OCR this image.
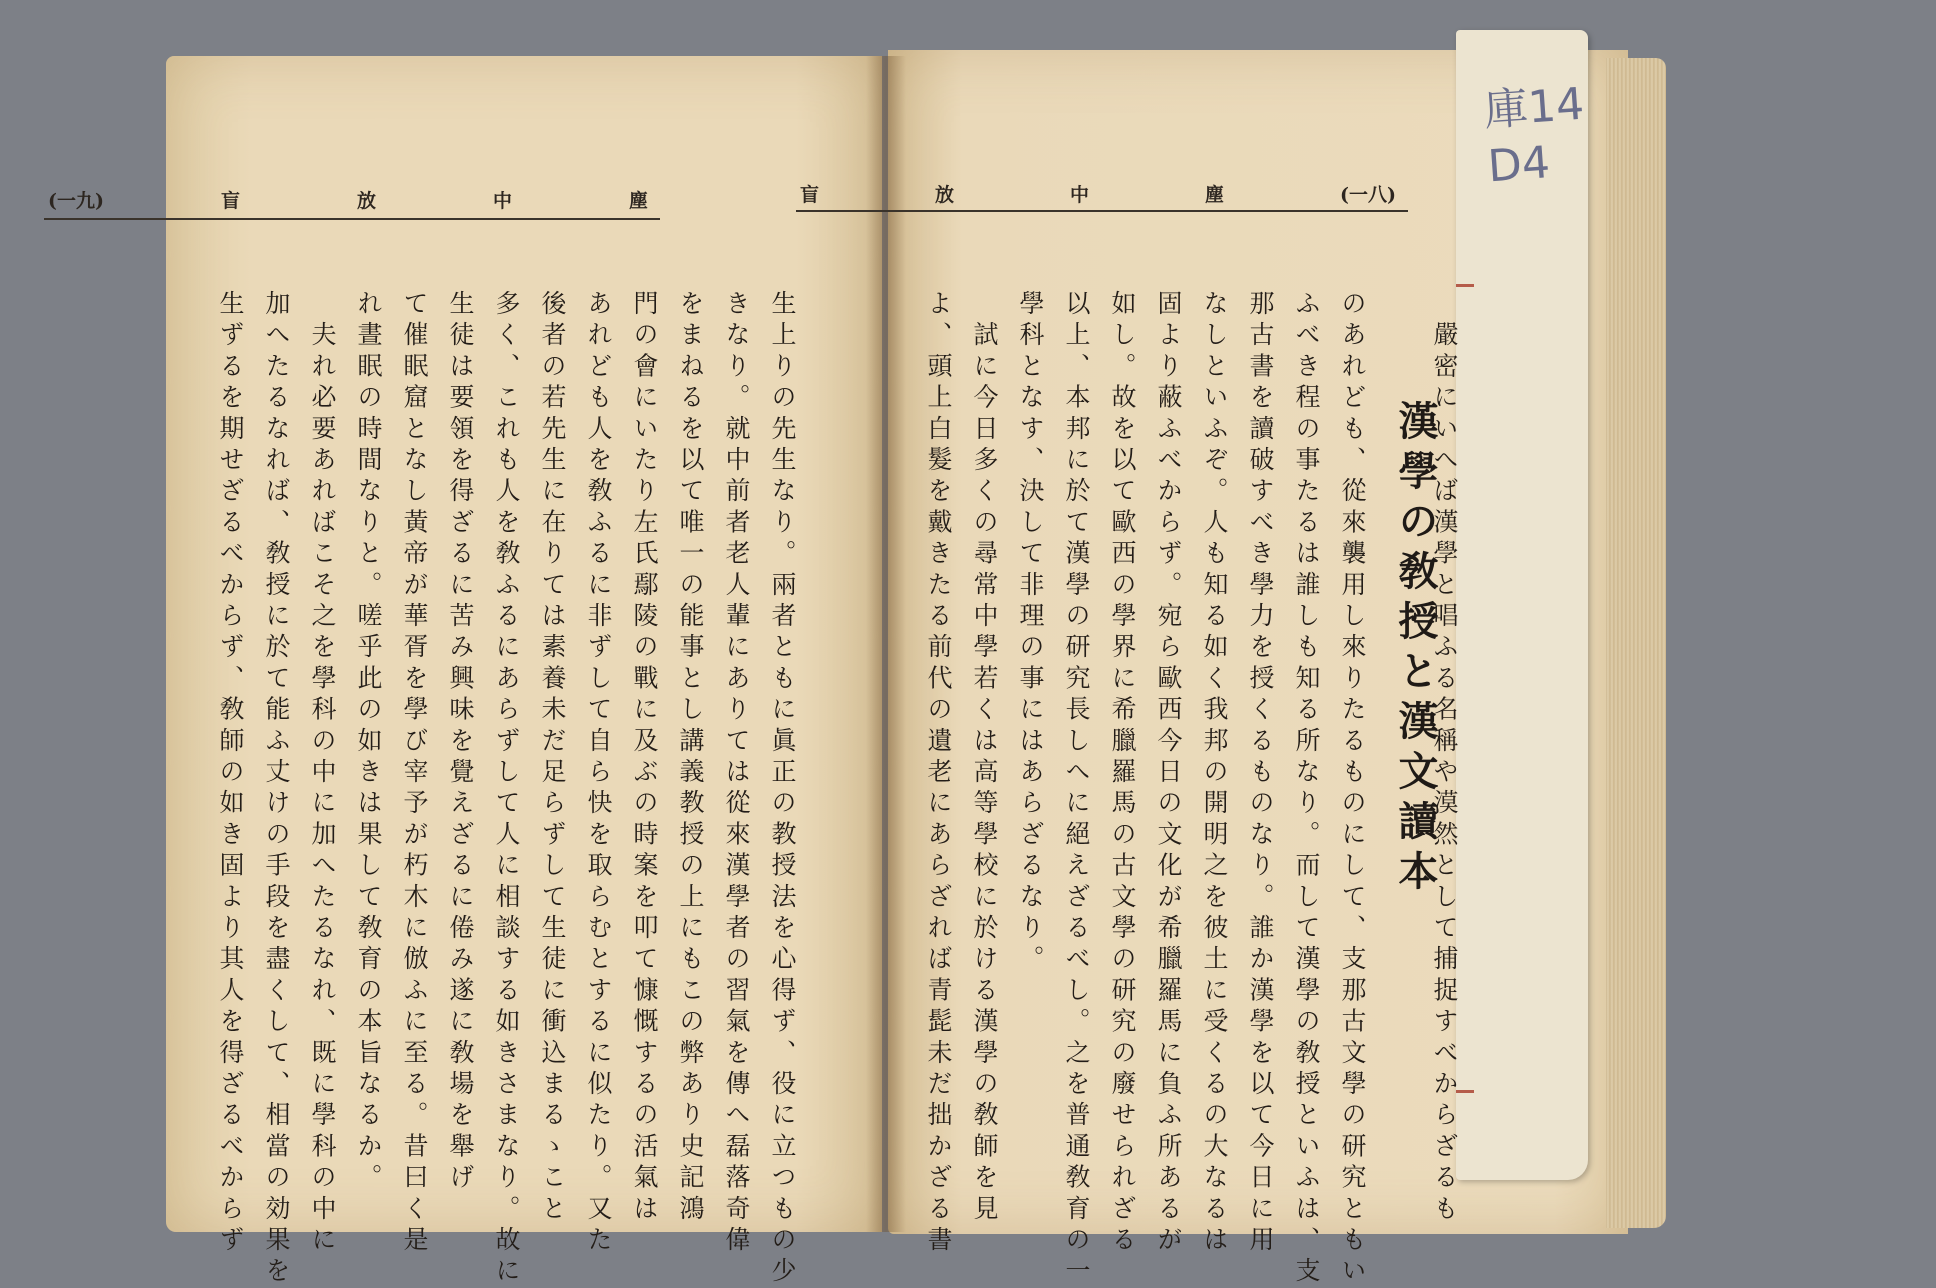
庫14 D4
(一九)	盲	放	中	塵	盲	放	中	塵	(一八)
生上りの先生なり。兩者ともに眞正の教授法を心得ず、役に立つもの少
きなり。就中前者老人輩にありては從來漢學者の習氣を傳へ磊落奇偉
をまねるを以て唯一の能事とし講義教授の上にもこの弊あり史記鴻
門の會にいたり左氏鄢陵の戰に及ぶの時案を叩て慷慨するの活氣は
あれども人を敎ふるに非ずして自ら快を取らむとするに似たり。又た
後者の若先生に在りては素養未だ足らずして生徒に衝込まるゝこと
多く、これも人を敎ふるにあらずして人に相談する如きさまなり。故に
生徒は要領を得ざるに苦み興味を覺えざるに倦み遂に敎場を舉げ
て催眠窟となし黃帝が華胥を學び宰予が朽木に倣ふに至る。昔曰く是
れ晝眠の時間なりと。嗟乎此の如きは果して敎育の本旨なるか。
　夫れ必要あればこそ之を學科の中に加へたるなれ、既に學科の中に
加へたるなれば、敎授に於て能ふ丈けの手段を盡くして、相當の効果を
生ずるを期せざるべからず、敎師の如き固より其人を得ざるべからず	漢學の敎授と漢文讀本
　嚴密にいへば漢學と唱ふる名稱や漠然として捕捉すべからざるも
のあれども、從來襲用し來りたるものにして、支那古文學の研究ともい
ふべき程の事たるは誰しも知る所なり。而して漢學の敎授といふは、支
那古書を讀破すべき學力を授くるものなり。誰か漢學を以て今日に用
なしといふぞ。人も知る如く我邦の開明之を彼土に受くるの大なるは
固より蔽ふべからず。宛ら歐西今日の文化が希臘羅馬に負ふ所あるが
如し。故を以て歐西の學界に希臘羅馬の古文學の研究の廢せられざる
以上、本邦に於て漢學の研究長しへに絕えざるべし。之を普通敎育の一
學科となす、決して非理の事にはあらざるなり。
　試に今日多くの尋常中學若くは高等學校に於ける漢學の敎師を見
よ、頭上白髮を戴きたる前代の遺老にあらざれば青髭未だ拙かざる書
